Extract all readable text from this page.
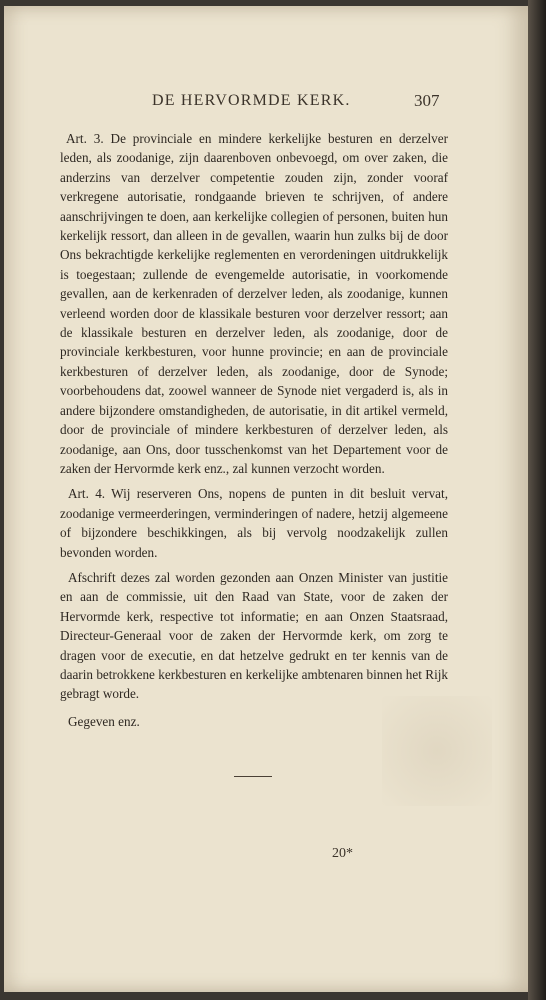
DE HERVORMDE KERK.	307

Art. 3. De provinciale en mindere kerkelijke besturen en derzelver leden, als zoodanige, zijn daarenboven onbevoegd, om over zaken, die anderzins van derzelver competentie zouden zijn, zonder vooraf verkregene autorisatie, rondgaande brieven te schrijven, of andere aanschrijvingen te doen, aan kerkelijke collegien of personen, buiten hun kerkelijk ressort, dan alleen in de gevallen, waarin hun zulks bij de door Ons bekrachtigde kerkelijke reglementen en verordeningen uitdrukkelijk is toegestaan; zullende de evengemelde autorisatie, in voorkomende gevallen, aan de kerkenraden of derzelver leden, als zoodanige, kunnen verleend worden door de klassikale besturen voor derzelver ressort; aan de klassikale besturen en derzelver leden, als zoodanige, door de provinciale kerkbesturen, voor hunne provincie; en aan de provinciale kerkbesturen of derzelver leden, als zoodanige, door de Synode; voorbehoudens dat, zoowel wanneer de Synode niet vergaderd is, als in andere bijzondere omstandigheden, de autorisatie, in dit artikel vermeld, door de provinciale of mindere kerkbesturen of derzelver leden, als zoodanige, aan Ons, door tusschenkomst van het Departement voor de zaken der Hervormde kerk enz., zal kunnen verzocht worden.

Art. 4. Wij reserveren Ons, nopens de punten in dit besluit vervat, zoodanige vermeerderingen, verminderingen of nadere, hetzij algemeene of bijzondere beschikkingen, als bij vervolg noodzakelijk zullen bevonden worden.

Afschrift dezes zal worden gezonden aan Onzen Minister van justitie en aan de commissie, uit den Raad van State, voor de zaken der Hervormde kerk, respective tot informatie; en aan Onzen Staatsraad, Directeur-Generaal voor de zaken der Hervormde kerk, om zorg te dragen voor de executie, en dat hetzelve gedrukt en ter kennis van de daarin betrokkene kerkbesturen en kerkelijke ambtenaren binnen het Rijk gebragt worde.

Gegeven enz.

20*
